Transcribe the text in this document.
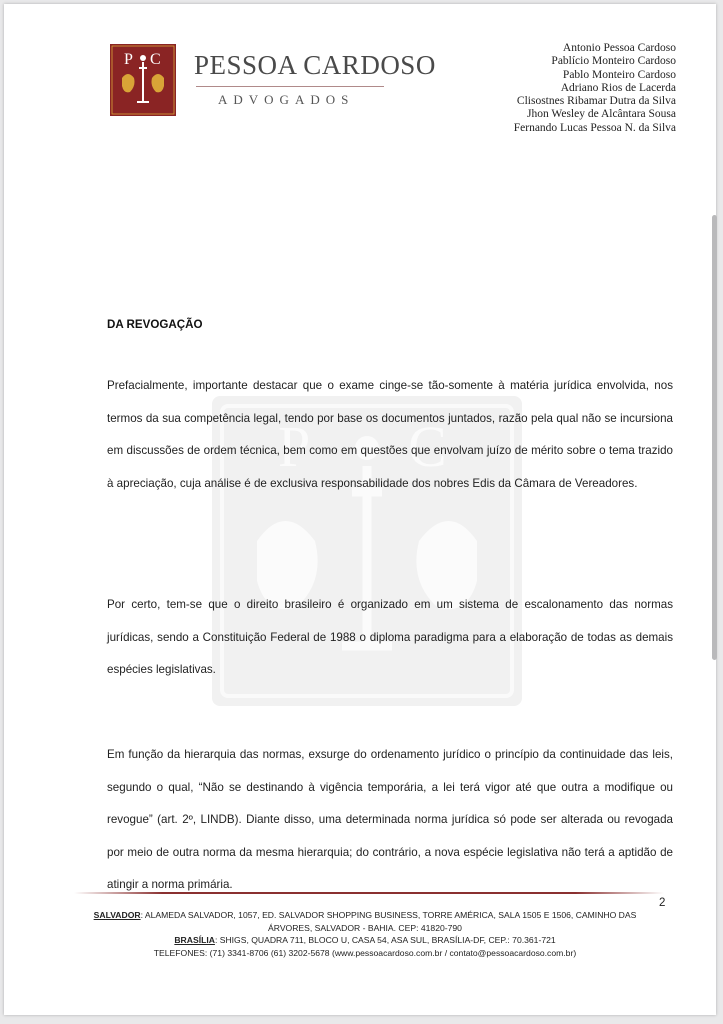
P C PESSOA CARDOSO
ADVOGADOS
Antonio Pessoa Cardoso
Pablício Monteiro Cardoso
Pablo Monteiro Cardoso
Adriano Rios de Lacerda
Clisostnes Ribamar Dutra da Silva
Jhon Wesley de Alcântara Sousa
Fernando Lucas Pessoa N. da Silva
P C
DA REVOGAÇÃO

Prefacialmente, importante destacar que o exame cinge-se tão-somente à matéria jurídica envolvida, nos termos da sua competência legal, tendo por base os documentos juntados, razão pela qual não se incursiona em discussões de ordem técnica, bem como em questões que envolvam juízo de mérito sobre o tema trazido à apreciação, cuja análise é de exclusiva responsabilidade dos nobres Edis da Câmara de Vereadores.

Por certo, tem-se que o direito brasileiro é organizado em um sistema de escalonamento das normas jurídicas, sendo a Constituição Federal de 1988 o diploma paradigma para a elaboração de todas as demais espécies legislativas.

Em função da hierarquia das normas, exsurge do ordenamento jurídico o princípio da continuidade das leis, segundo o qual, “Não se destinando à vigência temporária, a lei terá vigor até que outra a modifique ou revogue” (art. 2º, LINDB). Diante disso, uma determinada norma jurídica só pode ser alterada ou revogada por meio de outra norma da mesma hierarquia; do contrário, a nova espécie legislativa não terá a aptidão de atingir a norma primária.

2
SALVADOR: ALAMEDA SALVADOR, 1057, ED. SALVADOR SHOPPING BUSINESS, TORRE AMÉRICA, SALA 1505 E 1506, CAMINHO DAS ÁRVORES, SALVADOR - BAHIA. CEP: 41820-790
BRASÍLIA: SHIGS, QUADRA 711, BLOCO U, CASA 54, ASA SUL, BRASÍLIA-DF, CEP.: 70.361-721
TELEFONES: (71) 3341-8706 (61) 3202-5678 (www.pessoacardoso.com.br / contato@pessoacardoso.com.br)
